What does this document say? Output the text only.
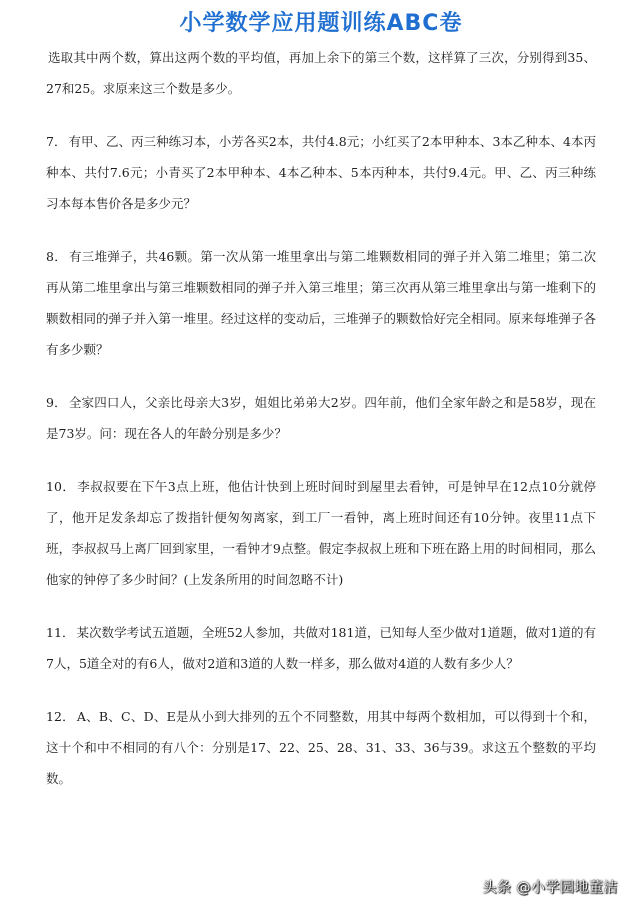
小学数学应用题训练ABC卷

选取其中两个数，算出这两个数的平均值，再加上余下的第三个数，这样算了三次，分别得到35、27和25。求原来这三个数是多少。

7． 有甲、乙、丙三种练习本，小芳各买2本，共付4.8元；小红买了2本甲种本、3本乙种本、4本丙种本、共付7.6元；小青买了2本甲种本、4本乙种本、5本丙种本，共付9.4元。甲、乙、丙三种练习本每本售价各是多少元？

8． 有三堆弹子，共46颗。第一次从第一堆里拿出与第二堆颗数相同的弹子并入第二堆里；第二次再从第二堆里拿出与第三堆颗数相同的弹子并入第三堆里；第三次再从第三堆里拿出与第一堆剩下的颗数相同的弹子并入第一堆里。经过这样的变动后，三堆弹子的颗数恰好完全相同。原来每堆弹子各有多少颗？

9． 全家四口人，父亲比母亲大3岁，姐姐比弟弟大2岁。四年前，他们全家年龄之和是58岁，现在是73岁。问：现在各人的年龄分别是多少？

10． 李叔叔要在下午3点上班，他估计快到上班时间时到屋里去看钟，可是钟早在12点10分就停了，他开足发条却忘了拨指针便匆匆离家，到工厂一看钟，离上班时间还有10分钟。夜里11点下班，李叔叔马上离厂回到家里，一看钟才9点整。假定李叔叔上班和下班在路上用的时间相同，那么他家的钟停了多少时间？(上发条所用的时间忽略不计)

11． 某次数学考试五道题，全班52人参加，共做对181道，已知每人至少做对1道题，做对1道的有7人，5道全对的有6人，做对2道和3道的人数一样多，那么做对4道的人数有多少人？

12． A、B、C、D、E是从小到大排列的五个不同整数，用其中每两个数相加，可以得到十个和，这十个和中不相同的有八个：分别是17、22、25、28、31、33、36与39。求这五个整数的平均数。

头条 @小学园地董洁
